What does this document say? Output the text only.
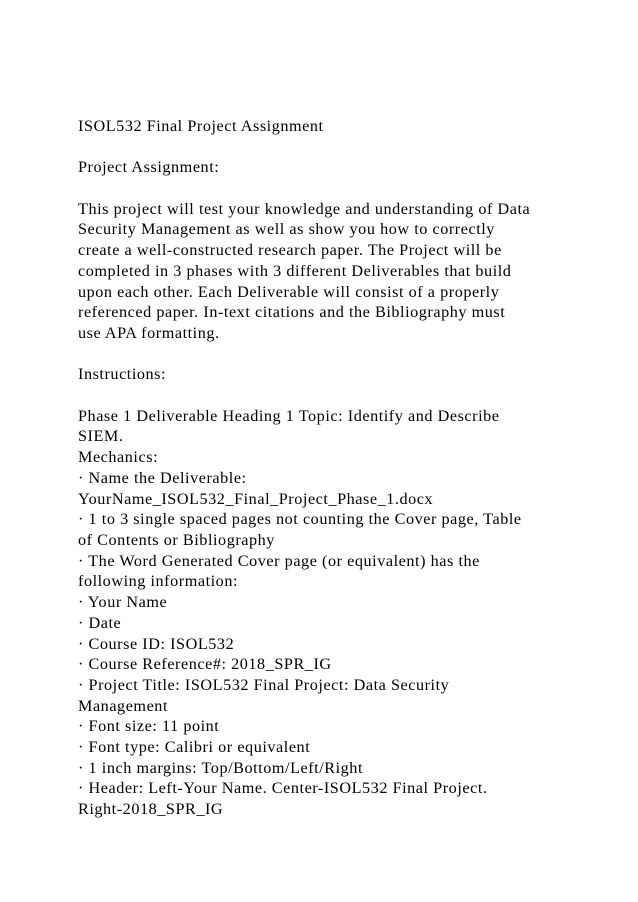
ISOL532 Final Project Assignment

Project Assignment:

This project will test your knowledge and understanding of Data
Security Management as well as show you how to correctly
create a well-constructed research paper. The Project will be
completed in 3 phases with 3 different Deliverables that build
upon each other. Each Deliverable will consist of a properly
referenced paper. In-text citations and the Bibliography must
use APA formatting.

Instructions:

Phase 1 Deliverable Heading 1 Topic: Identify and Describe
SIEM.
Mechanics:
· Name the Deliverable:
YourName_ISOL532_Final_Project_Phase_1.docx
· 1 to 3 single spaced pages not counting the Cover page, Table
of Contents or Bibliography
· The Word Generated Cover page (or equivalent) has the
following information:
· Your Name
· Date
· Course ID: ISOL532
· Course Reference#: 2018_SPR_IG
· Project Title: ISOL532 Final Project: Data Security
Management
· Font size: 11 point
· Font type: Calibri or equivalent
· 1 inch margins: Top/Bottom/Left/Right
· Header: Left-Your Name. Center-ISOL532 Final Project.
Right-2018_SPR_IG
